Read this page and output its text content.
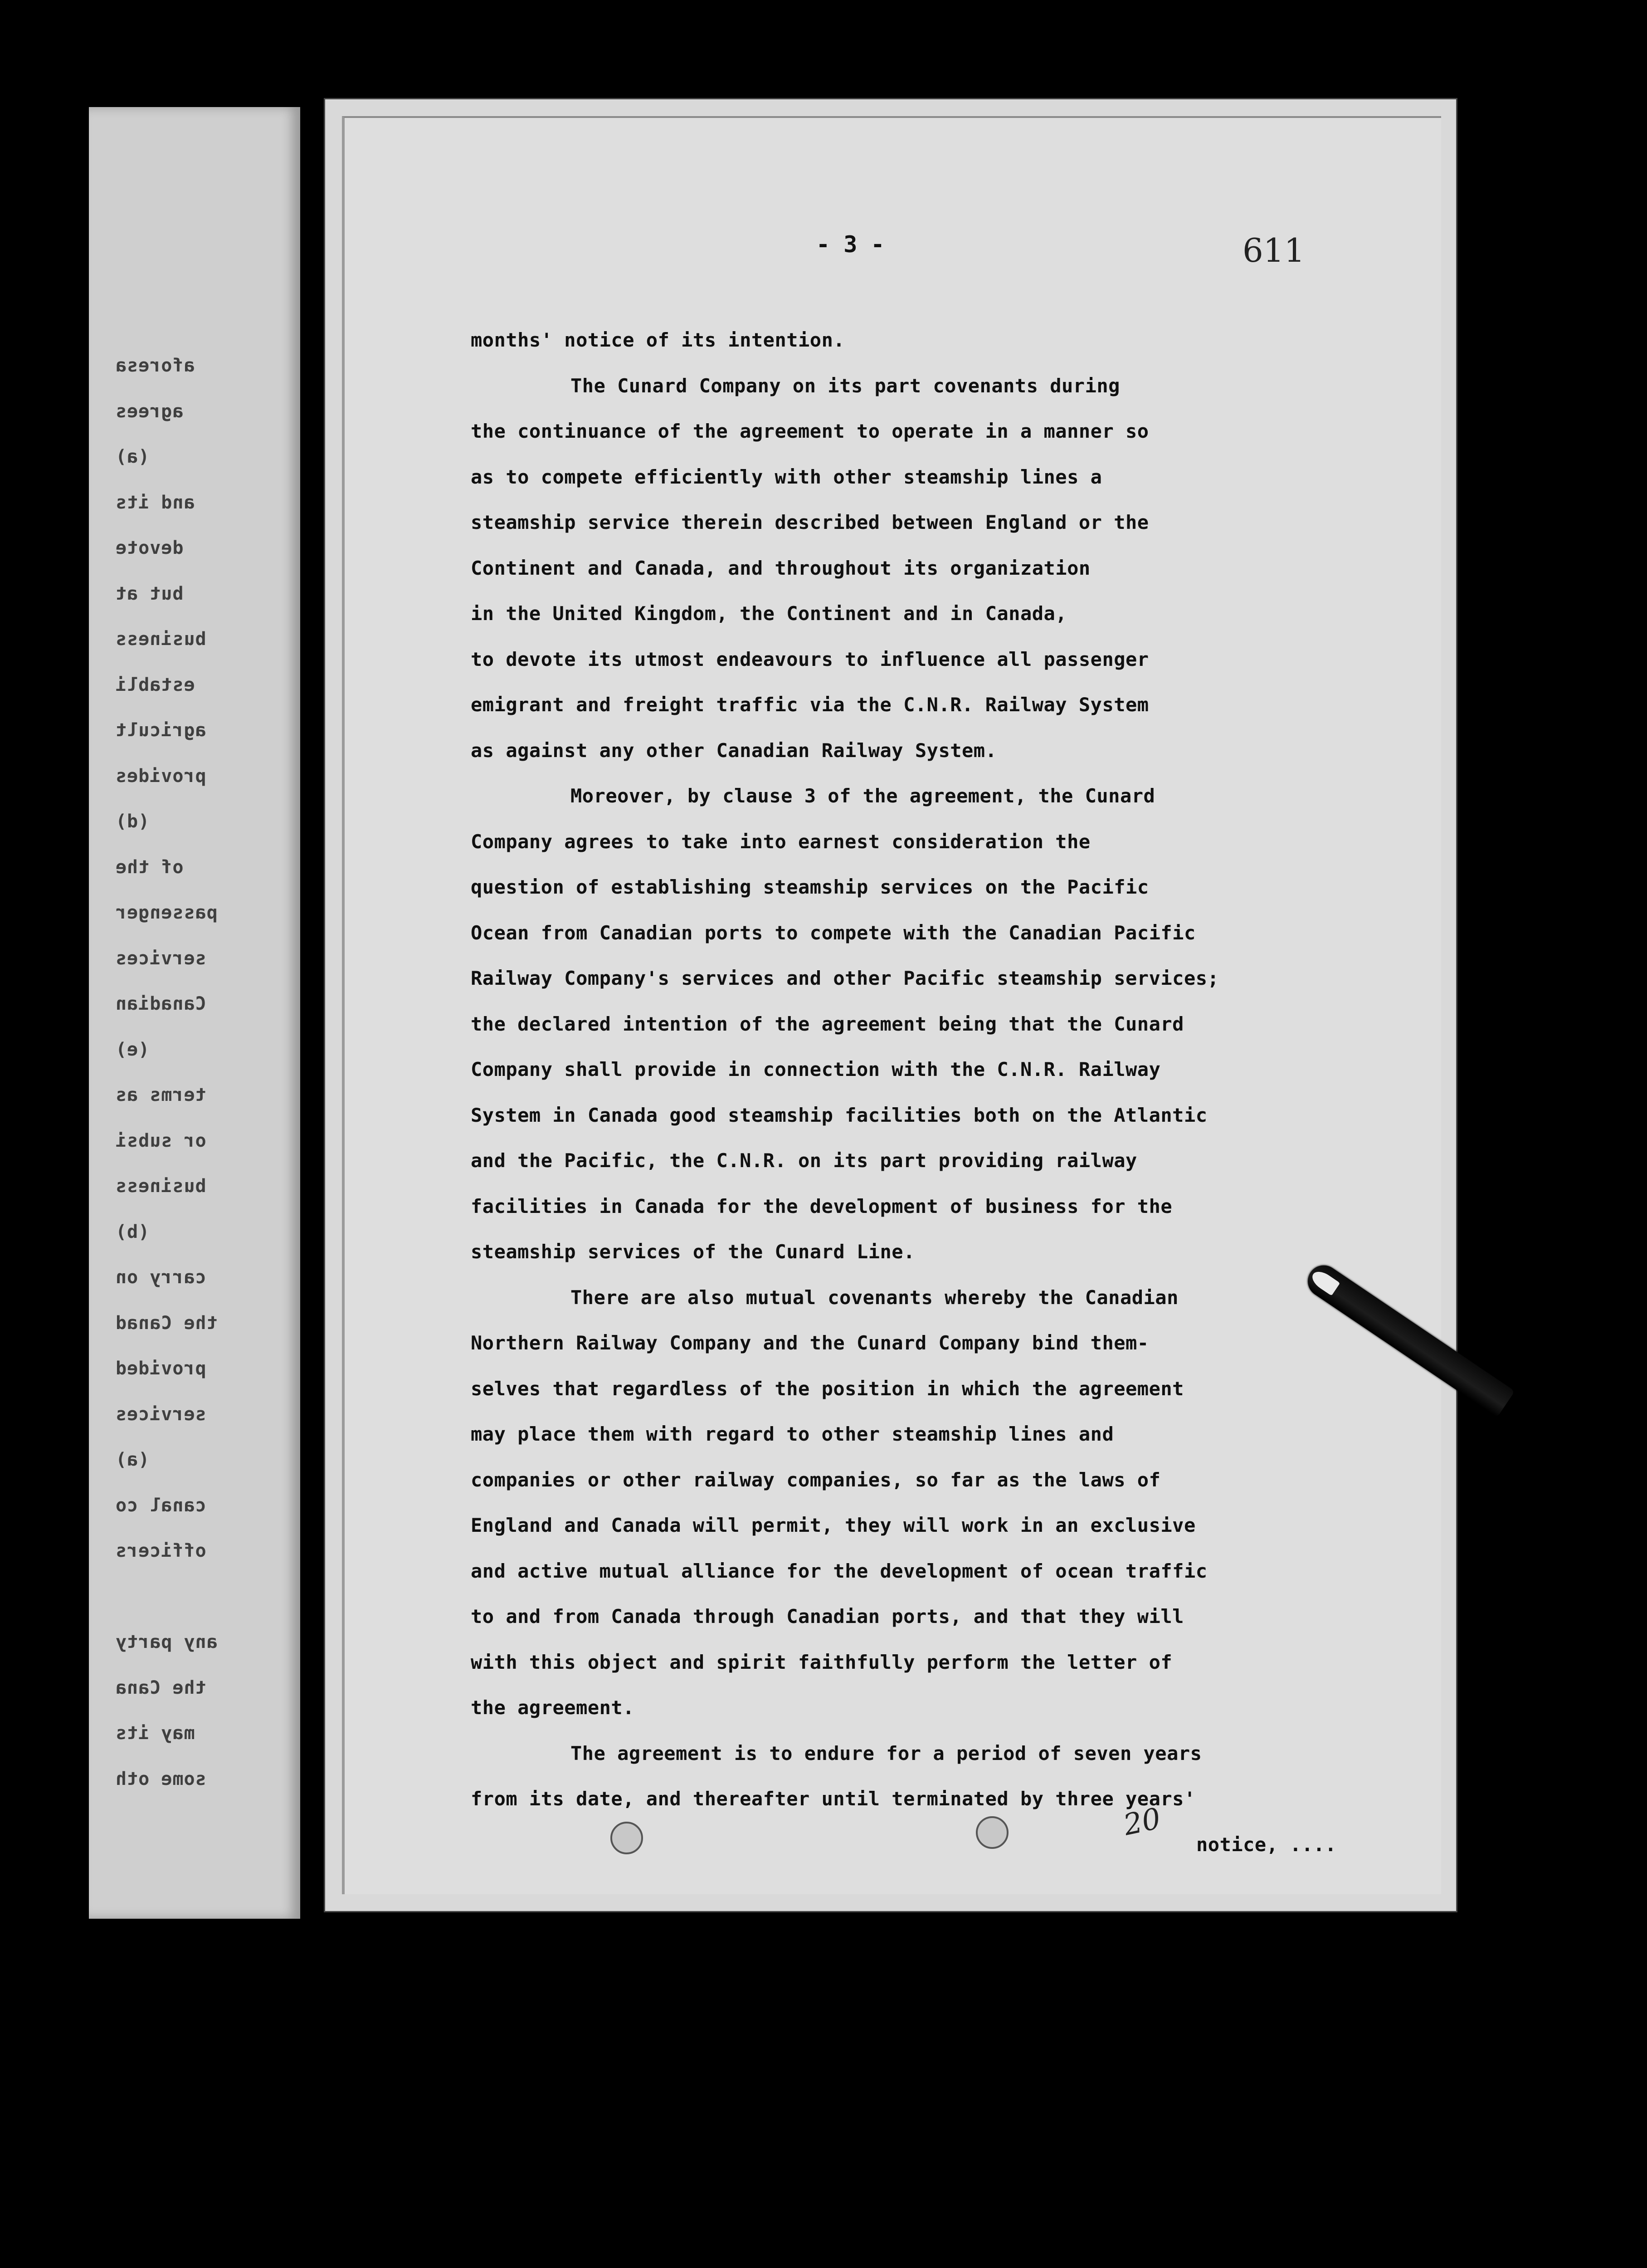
aforesa
agrees
(a)
and its
devote
but at
business
establi
agricult
provides
(d)
of the
passenger
services
Canadian
(e)
terms as
or subsi
business
(b)
carry on
the Canad
provided
services
(a)
canal co
officers
any party
the Cana
may its
some oth
- 3 -	611
months' notice of its intention.
The Cunard Company on its part covenants during
the continuance of the agreement to operate in a manner so
as to compete efficiently with other steamship lines a
steamship service therein described between England or the
Continent and Canada, and throughout its organization
in the United Kingdom, the Continent and in Canada,
to devote its utmost endeavours to influence all passenger
emigrant and freight traffic via the C.N.R. Railway System
as against any other Canadian Railway System.
Moreover, by clause 3 of the agreement, the Cunard
Company agrees to take into earnest consideration the
question of establishing steamship services on the Pacific
Ocean from Canadian ports to compete with the Canadian Pacific
Railway Company's services and other Pacific steamship services;
the declared intention of the agreement being that the Cunard
Company shall provide in connection with the C.N.R. Railway
System in Canada good steamship facilities both on the Atlantic
and the Pacific, the C.N.R. on its part providing railway
facilities in Canada for the development of business for the
steamship services of the Cunard Line.
There are also mutual covenants whereby the Canadian
Northern Railway Company and the Cunard Company bind them-
selves that regardless of the position in which the agreement
may place them with regard to other steamship lines and
companies or other railway companies, so far as the laws of
England and Canada will permit, they will work in an exclusive
and active mutual alliance for the development of ocean traffic
to and from Canada through Canadian ports, and that they will
with this object and spirit faithfully perform the letter of
the agreement.
The agreement is to endure for a period of seven years
from its date, and thereafter until terminated by three years'
notice, ....
20
